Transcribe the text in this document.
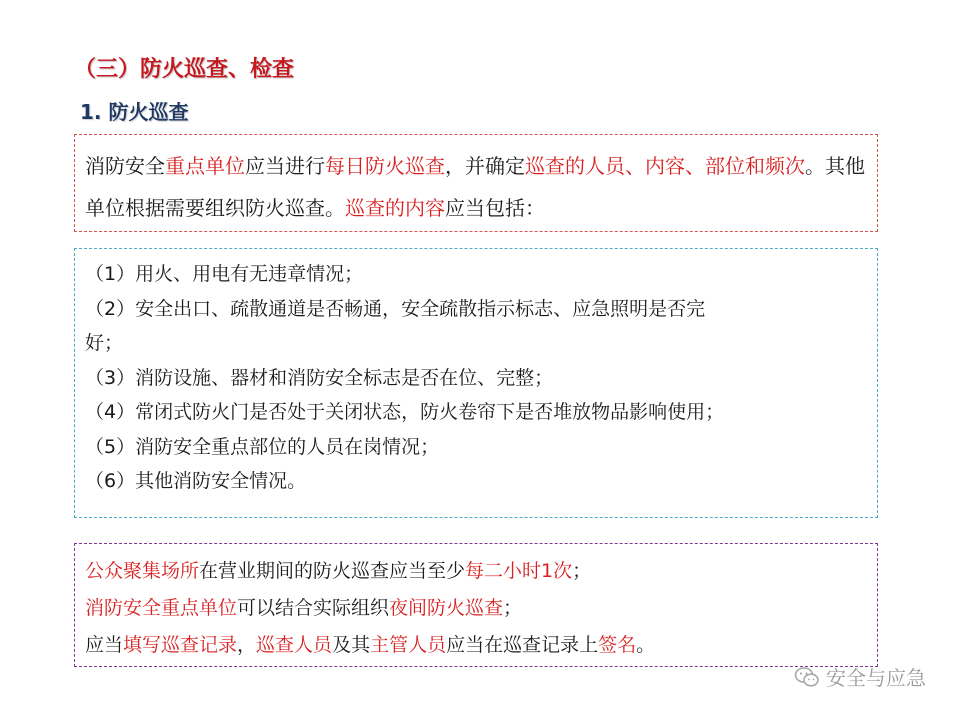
（三）防火巡查、检查
1. 防火巡查
消防安全重点单位应当进行每日防火巡查，并确定巡查的人员、内容、部位和频次。其他单位根据需要组织防火巡查。巡查的内容应当包括：
（1）用火、用电有无违章情况；
（2）安全出口、疏散通道是否畅通，安全疏散指示标志、应急照明是否完
好；
（3）消防设施、器材和消防安全标志是否在位、完整；
（4）常闭式防火门是否处于关闭状态，防火卷帘下是否堆放物品影响使用；
（5）消防安全重点部位的人员在岗情况；
（6）其他消防安全情况。
公众聚集场所在营业期间的防火巡查应当至少每二小时1次；
消防安全重点单位可以结合实际组织夜间防火巡查；
应当填写巡查记录，巡查人员及其主管人员应当在巡查记录上签名。
安全与应急
